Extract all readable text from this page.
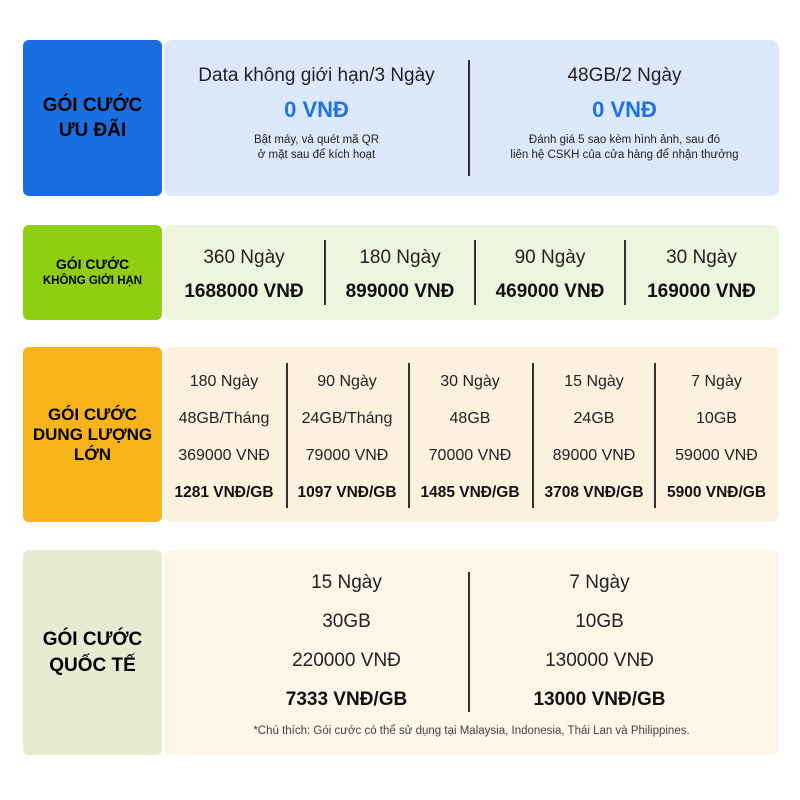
GÓI CƯỚC
ƯU ĐÃI
Data không giới hạn/3 Ngày
0 VNĐ
Bật máy, và quét mã QR
ở mặt sau để kích hoạt
48GB/2 Ngày
0 VNĐ
Đánh giá 5 sao kèm hình ảnh, sau đó
liên hệ CSKH của cửa hàng để nhận thưởng
GÓI CƯỚC
KHÔNG GIỚI HẠN
360 Ngày
1688000 VNĐ
180 Ngày
899000 VNĐ
90 Ngày
469000 VNĐ
30 Ngày
169000 VNĐ
GÓI CƯỚC
DUNG LƯỢNG
LỚN
180 Ngày
48GB/Tháng
369000 VNĐ
1281 VNĐ/GB
90 Ngày
24GB/Tháng
79000 VNĐ
1097 VNĐ/GB
30 Ngày
48GB
70000 VNĐ
1485 VNĐ/GB
15 Ngày
24GB
89000 VNĐ
3708 VNĐ/GB
7 Ngày
10GB
59000 VNĐ
5900 VNĐ/GB
GÓI CƯỚC
QUỐC TẾ
15 Ngày
30GB
220000 VNĐ
7333 VNĐ/GB
7 Ngày
10GB
130000 VNĐ
13000 VNĐ/GB
*Chú thích: Gói cước có thể sử dụng tại Malaysia, Indonesia, Thái Lan và Philippines.
